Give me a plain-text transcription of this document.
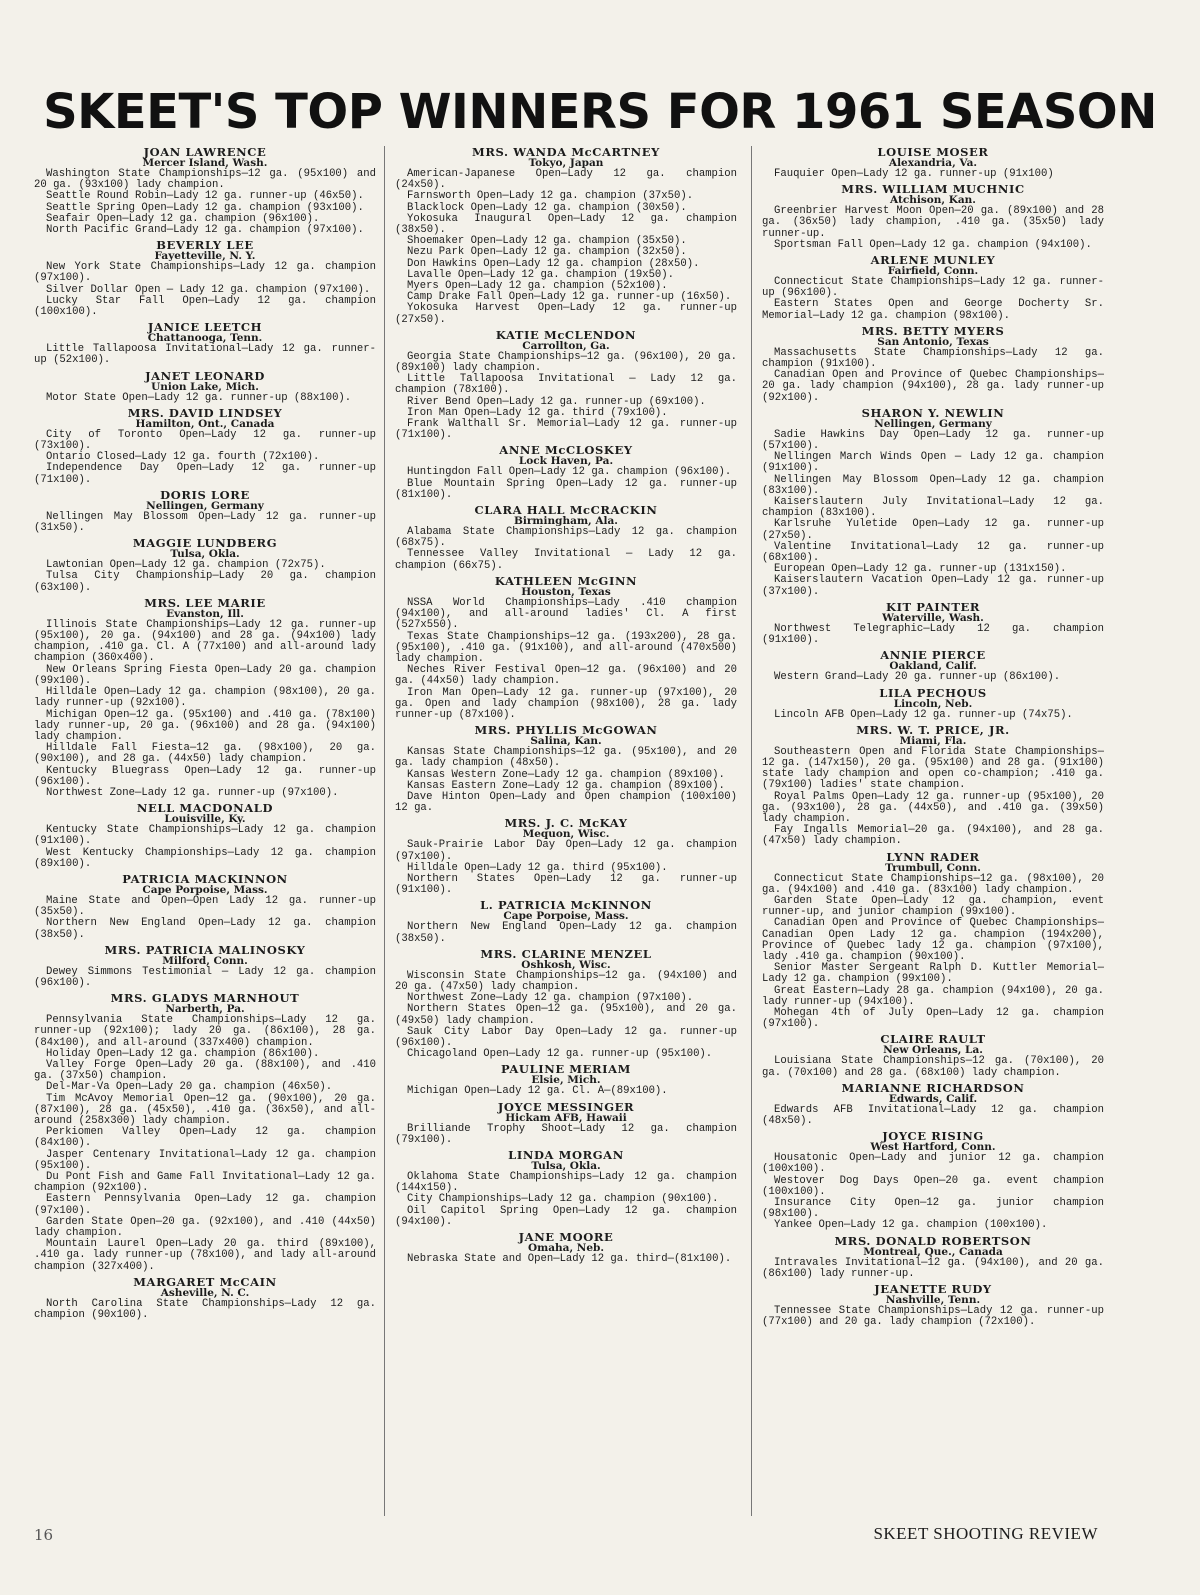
SKEET'S TOP WINNERS FOR 1961 SEASON
JOAN LAWRENCE
Mercer Island, Wash.

Washington State Championships—12 ga. (95x100) and 20 ga. (93x100) lady champion.

Seattle Round Robin—Lady 12 ga. runner-up (46x50).

Seattle Spring Open—Lady 12 ga. champion (93x100).

Seafair Open—Lady 12 ga. champion (96x100).

North Pacific Grand—Lady 12 ga. champion (97x100).

BEVERLY LEE
Fayetteville, N. Y.

New York State Championships—Lady 12 ga. champion (97x100).

Silver Dollar Open — Lady 12 ga. champion (97x100).

Lucky Star Fall Open—Lady 12 ga. champion (100x100).

JANICE LEETCH
Chattanooga, Tenn.

Little Tallapoosa Invitational—Lady 12 ga. runner-up (52x100).

JANET LEONARD
Union Lake, Mich.

Motor State Open—Lady 12 ga. runner-up (88x100).

MRS. DAVID LINDSEY
Hamilton, Ont., Canada

City of Toronto Open—Lady 12 ga. runner-up (73x100).

Ontario Closed—Lady 12 ga. fourth (72x100).

Independence Day Open—Lady 12 ga. runner-up (71x100).

DORIS LORE
Nellingen, Germany

Nellingen May Blossom Open—Lady 12 ga. runner-up (31x50).

MAGGIE LUNDBERG
Tulsa, Okla.

Lawtonian Open—Lady 12 ga. champion (72x75).

Tulsa City Championship—Lady 20 ga. champion (63x100).

MRS. LEE MARIE
Evanston, Ill.

Illinois State Championships—Lady 12 ga. runner-up (95x100), 20 ga. (94x100) and 28 ga. (94x100) lady champion, .410 ga. Cl. A (77x100) and all-around lady champion (360x400).

New Orleans Spring Fiesta Open—Lady 20 ga. champion (99x100).

Hilldale Open—Lady 12 ga. champion (98x100), 20 ga. lady runner-up (92x100).

Michigan Open—12 ga. (95x100) and .410 ga. (78x100) lady runner-up, 20 ga. (96x100) and 28 ga. (94x100) lady champion.

Hilldale Fall Fiesta—12 ga. (98x100), 20 ga. (90x100), and 28 ga. (44x50) lady champion.

Kentucky Bluegrass Open—Lady 12 ga. runner-up (96x100).

Northwest Zone—Lady 12 ga. runner-up (97x100).

NELL MACDONALD
Louisville, Ky.

Kentucky State Championships—Lady 12 ga. champion (91x100).

West Kentucky Championships—Lady 12 ga. champion (89x100).

PATRICIA MACKINNON
Cape Porpoise, Mass.

Maine State and Open—Open Lady 12 ga. runner-up (35x50).

Northern New England Open—Lady 12 ga. champion (38x50).

MRS. PATRICIA MALINOSKY
Milford, Conn.

Dewey Simmons Testimonial — Lady 12 ga. champion (96x100).

MRS. GLADYS MARNHOUT
Narberth, Pa.

Pennsylvania State Championships—Lady 12 ga. runner-up (92x100); lady 20 ga. (86x100), 28 ga. (84x100), and all-around (337x400) champion.

Holiday Open—Lady 12 ga. champion (86x100).

Valley Forge Open—Lady 20 ga. (88x100), and .410 ga. (37x50) champion.

Del-Mar-Va Open—Lady 20 ga. champion (46x50).

Tim McAvoy Memorial Open—12 ga. (90x100), 20 ga. (87x100), 28 ga. (45x50), .410 ga. (36x50), and all-around (258x300) lady champion.

Perkiomen Valley Open—Lady 12 ga. champion (84x100).

Jasper Centenary Invitational—Lady 12 ga. champion (95x100).

Du Pont Fish and Game Fall Invitational—Lady 12 ga. champion (92x100).

Eastern Pennsylvania Open—Lady 12 ga. champion (97x100).

Garden State Open—20 ga. (92x100), and .410 (44x50) lady champion.

Mountain Laurel Open—Lady 20 ga. third (89x100), .410 ga. lady runner-up (78x100), and lady all-around champion (327x400).

MARGARET McCAIN
Asheville, N. C.

North Carolina State Championships—Lady 12 ga. champion (90x100).

MRS. WANDA McCARTNEY
Tokyo, Japan

American-Japanese Open—Lady 12 ga. champion (24x50).

Farnsworth Open—Lady 12 ga. champion (37x50).

Blacklock Open—Lady 12 ga. champion (30x50).

Yokosuka Inaugural Open—Lady 12 ga. champion (38x50).

Shoemaker Open—Lady 12 ga. champion (35x50).

Nezu Park Open—Lady 12 ga. champion (32x50).

Don Hawkins Open—Lady 12 ga. champion (28x50).

Lavalle Open—Lady 12 ga. champion (19x50).

Myers Open—Lady 12 ga. champion (52x100).

Camp Drake Fall Open—Lady 12 ga. runner-up (16x50).

Yokosuka Harvest Open—Lady 12 ga. runner-up (27x50).

KATIE McCLENDON
Carrollton, Ga.

Georgia State Championships—12 ga. (96x100), 20 ga. (89x100) lady champion.

Little Tallapoosa Invitational — Lady 12 ga. champion (78x100).

River Bend Open—Lady 12 ga. runner-up (69x100).

Iron Man Open—Lady 12 ga. third (79x100).

Frank Walthall Sr. Memorial—Lady 12 ga. runner-up (71x100).

ANNE McCLOSKEY
Lock Haven, Pa.

Huntingdon Fall Open—Lady 12 ga. champion (96x100).

Blue Mountain Spring Open—Lady 12 ga. runner-up (81x100).

CLARA HALL McCRACKIN
Birmingham, Ala.

Alabama State Championships—Lady 12 ga. champion (68x75).

Tennessee Valley Invitational — Lady 12 ga. champion (66x75).

KATHLEEN McGINN
Houston, Texas

NSSA World Championships—Lady .410 champion (94x100), and all-around ladies' Cl. A first (527x550).

Texas State Championships—12 ga. (193x200), 28 ga. (95x100), .410 ga. (91x100), and all-around (470x500) lady champion.

Neches River Festival Open—12 ga. (96x100) and 20 ga. (44x50) lady champion.

Iron Man Open—Lady 12 ga. runner-up (97x100), 20 ga. Open and lady champion (98x100), 28 ga. lady runner-up (87x100).

MRS. PHYLLIS McGOWAN
Salina, Kan.

Kansas State Championships—12 ga. (95x100), and 20 ga. lady champion (48x50).

Kansas Western Zone—Lady 12 ga. champion (89x100).

Kansas Eastern Zone—Lady 12 ga. champion (89x100).

Dave Hinton Open—Lady and Open champion (100x100) 12 ga.

MRS. J. C. McKAY
Mequon, Wisc.

Sauk-Prairie Labor Day Open—Lady 12 ga. champion (97x100).

Hilldale Open—Lady 12 ga. third (95x100).

Northern States Open—Lady 12 ga. runner-up (91x100).

L. PATRICIA McKINNON
Cape Porpoise, Mass.

Northern New England Open—Lady 12 ga. champion (38x50).

MRS. CLARINE MENZEL
Oshkosh, Wisc.

Wisconsin State Championships—12 ga. (94x100) and 20 ga. (47x50) lady champion.

Northwest Zone—Lady 12 ga. champion (97x100).

Northern States Open—12 ga. (95x100), and 20 ga. (49x50) lady champion.

Sauk City Labor Day Open—Lady 12 ga. runner-up (96x100).

Chicagoland Open—Lady 12 ga. runner-up (95x100).

PAULINE MERIAM
Elsie, Mich.

Michigan Open—Lady 12 ga. Cl. A—(89x100).

JOYCE MESSINGER
Hickam AFB, Hawaii

Brilliande Trophy Shoot—Lady 12 ga. champion (79x100).

LINDA MORGAN
Tulsa, Okla.

Oklahoma State Championships—Lady 12 ga. champion (144x150).

City Championships—Lady 12 ga. champion (90x100).

Oil Capitol Spring Open—Lady 12 ga. champion (94x100).

JANE MOORE
Omaha, Neb.

Nebraska State and Open—Lady 12 ga. third—(81x100).

LOUISE MOSER
Alexandria, Va.

Fauquier Open—Lady 12 ga. runner-up (91x100)

MRS. WILLIAM MUCHNIC
Atchison, Kan.

Greenbrier Harvest Moon Open—20 ga. (89x100) and 28 ga. (36x50) lady champion, .410 ga. (35x50) lady runner-up.

Sportsman Fall Open—Lady 12 ga. champion (94x100).

ARLENE MUNLEY
Fairfield, Conn.

Connecticut State Championships—Lady 12 ga. runner-up (96x100).

Eastern States Open and George Docherty Sr. Memorial—Lady 12 ga. champion (98x100).

MRS. BETTY MYERS
San Antonio, Texas

Massachusetts State Championships—Lady 12 ga. champion (91x100).

Canadian Open and Province of Quebec Championships—20 ga. lady champion (94x100), 28 ga. lady runner-up (92x100).

SHARON Y. NEWLIN
Nellingen, Germany

Sadie Hawkins Day Open—Lady 12 ga. runner-up (57x100).

Nellingen March Winds Open — Lady 12 ga. champion (91x100).

Nellingen May Blossom Open—Lady 12 ga. champion (83x100).

Kaiserslautern July Invitational—Lady 12 ga. champion (83x100).

Karlsruhe Yuletide Open—Lady 12 ga. runner-up (27x50).

Valentine Invitational—Lady 12 ga. runner-up (68x100).

European Open—Lady 12 ga. runner-up (131x150).

Kaiserslautern Vacation Open—Lady 12 ga. runner-up (37x100).

KIT PAINTER
Waterville, Wash.

Northwest Telegraphic—Lady 12 ga. champion (91x100).

ANNIE PIERCE
Oakland, Calif.

Western Grand—Lady 20 ga. runner-up (86x100).

LILA PECHOUS
Lincoln, Neb.

Lincoln AFB Open—Lady 12 ga. runner-up (74x75).

MRS. W. T. PRICE, JR.
Miami, Fla.

Southeastern Open and Florida State Championships—12 ga. (147x150), 20 ga. (95x100) and 28 ga. (91x100) state lady champion and open co-champion; .410 ga. (79x100) ladies' state champion.

Royal Palms Open—Lady 12 ga. runner-up (95x100), 20 ga. (93x100), 28 ga. (44x50), and .410 ga. (39x50) lady champion.

Fay Ingalls Memorial—20 ga. (94x100), and 28 ga. (47x50) lady champion.

LYNN RADER
Trumbull, Conn.

Connecticut State Championships—12 ga. (98x100), 20 ga. (94x100) and .410 ga. (83x100) lady champion.

Garden State Open—Lady 12 ga. champion, event runner-up, and junior champion (99x100).

Canadian Open and Province of Quebec Championships—Canadian Open Lady 12 ga. champion (194x200), Province of Quebec lady 12 ga. champion (97x100), lady .410 ga. champion (90x100).

Senior Master Sergeant Ralph D. Kuttler Memorial—Lady 12 ga. champion (99x100).

Great Eastern—Lady 28 ga. champion (94x100), 20 ga. lady runner-up (94x100).

Mohegan 4th of July Open—Lady 12 ga. champion (97x100).

CLAIRE RAULT
New Orleans, La.

Louisiana State Championships—12 ga. (70x100), 20 ga. (70x100) and 28 ga. (68x100) lady champion.

MARIANNE RICHARDSON
Edwards, Calif.

Edwards AFB Invitational—Lady 12 ga. champion (48x50).

JOYCE RISING
West Hartford, Conn.

Housatonic Open—Lady and junior 12 ga. champion (100x100).

Westover Dog Days Open—20 ga. event champion (100x100).

Insurance City Open—12 ga. junior champion (98x100).

Yankee Open—Lady 12 ga. champion (100x100).

MRS. DONALD ROBERTSON
Montreal, Que., Canada

Intravales Invitational—12 ga. (94x100), and 20 ga. (86x100) lady runner-up.

JEANETTE RUDY
Nashville, Tenn.

Tennessee State Championships—Lady 12 ga. runner-up (77x100) and 20 ga. lady champion (72x100).

16	SKEET SHOOTING REVIEW
